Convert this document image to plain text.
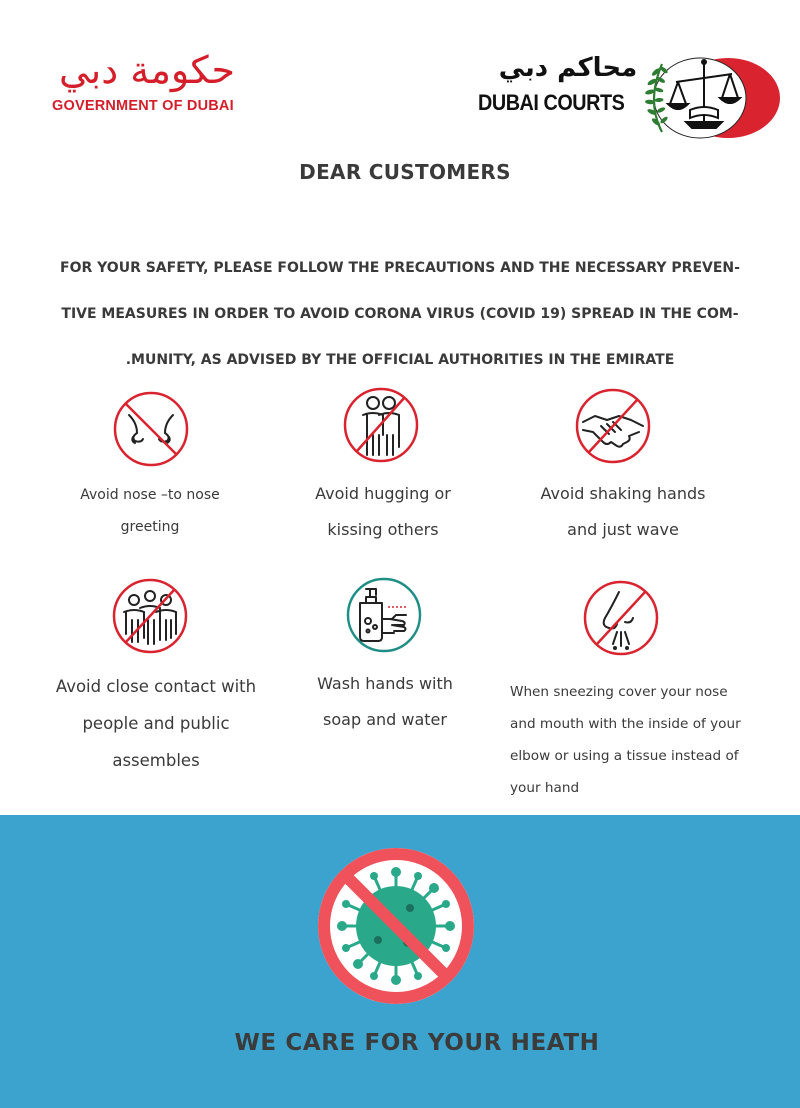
حكومة دبي
GOVERNMENT OF DUBAI
محاكم دبي
DUBAI COURTS
DEAR CUSTOMERS
FOR YOUR SAFETY, PLEASE FOLLOW THE PRECAUTIONS AND THE NECESSARY PREVEN-
TIVE MEASURES IN ORDER TO AVOID CORONA VIRUS (COVID 19) SPREAD IN THE COM-
.MUNITY, AS ADVISED BY THE OFFICIAL AUTHORITIES IN THE EMIRATE
Avoid nose –to nose
greeting
Avoid hugging or
kissing others
Avoid shaking hands
and just wave
Avoid close contact with
people and public
assembles
Wash hands with
soap and water
When sneezing cover your nose
and mouth with the inside of your
elbow or using a tissue instead of
your hand
WE CARE FOR YOUR HEATH
